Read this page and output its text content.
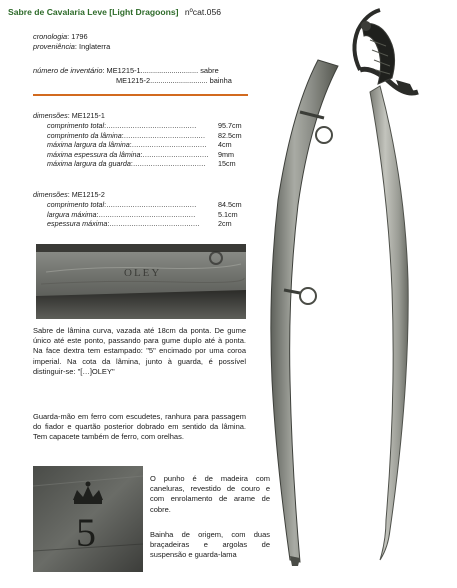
Sabre de Cavalaria Leve [Light Dragoons] nºcat.056
cronologia: 1796
proveniência: Inglaterra
número de inventário: ME1215-1............................ sabre
ME1215-2............................ bainha
dimensões: ME1215-1
comprimento total:.........................................	95.7cm
comprimento da lâmina:..................................... 82.5cm
máxima largura da lâmina:.................................. 4cm
máxima espessura da lâmina:.............................. 9mm
máxima largura da guarda:................................. 15cm
dimensões: ME1215-2
comprimento total:.........................................	84.5cm
largura máxima:............................................	5.1cm
espessura máxima:.........................................	2cm
OLEY
Sabre de lâmina curva, vazada até 18cm da ponta. De gume único até este ponto, passando para gume duplo até à ponta. Na face dextra tem estampado: "5" encimado por uma coroa imperial. Na cota da lâmina, junto à guarda, é possível distinguir-se: "[…]OLEY"
Guarda-mão em ferro com escudetes, ranhura para passagem do fiador e quartão posterior dobrado em sentido da lâmina. Tem capacete também de ferro, com orelhas.
5
O punho é de madeira com caneluras, revestido de couro e com enrolamento de arame de cobre.
Bainha de origem, com duas braçadeiras e argolas de suspensão e guarda-lama
